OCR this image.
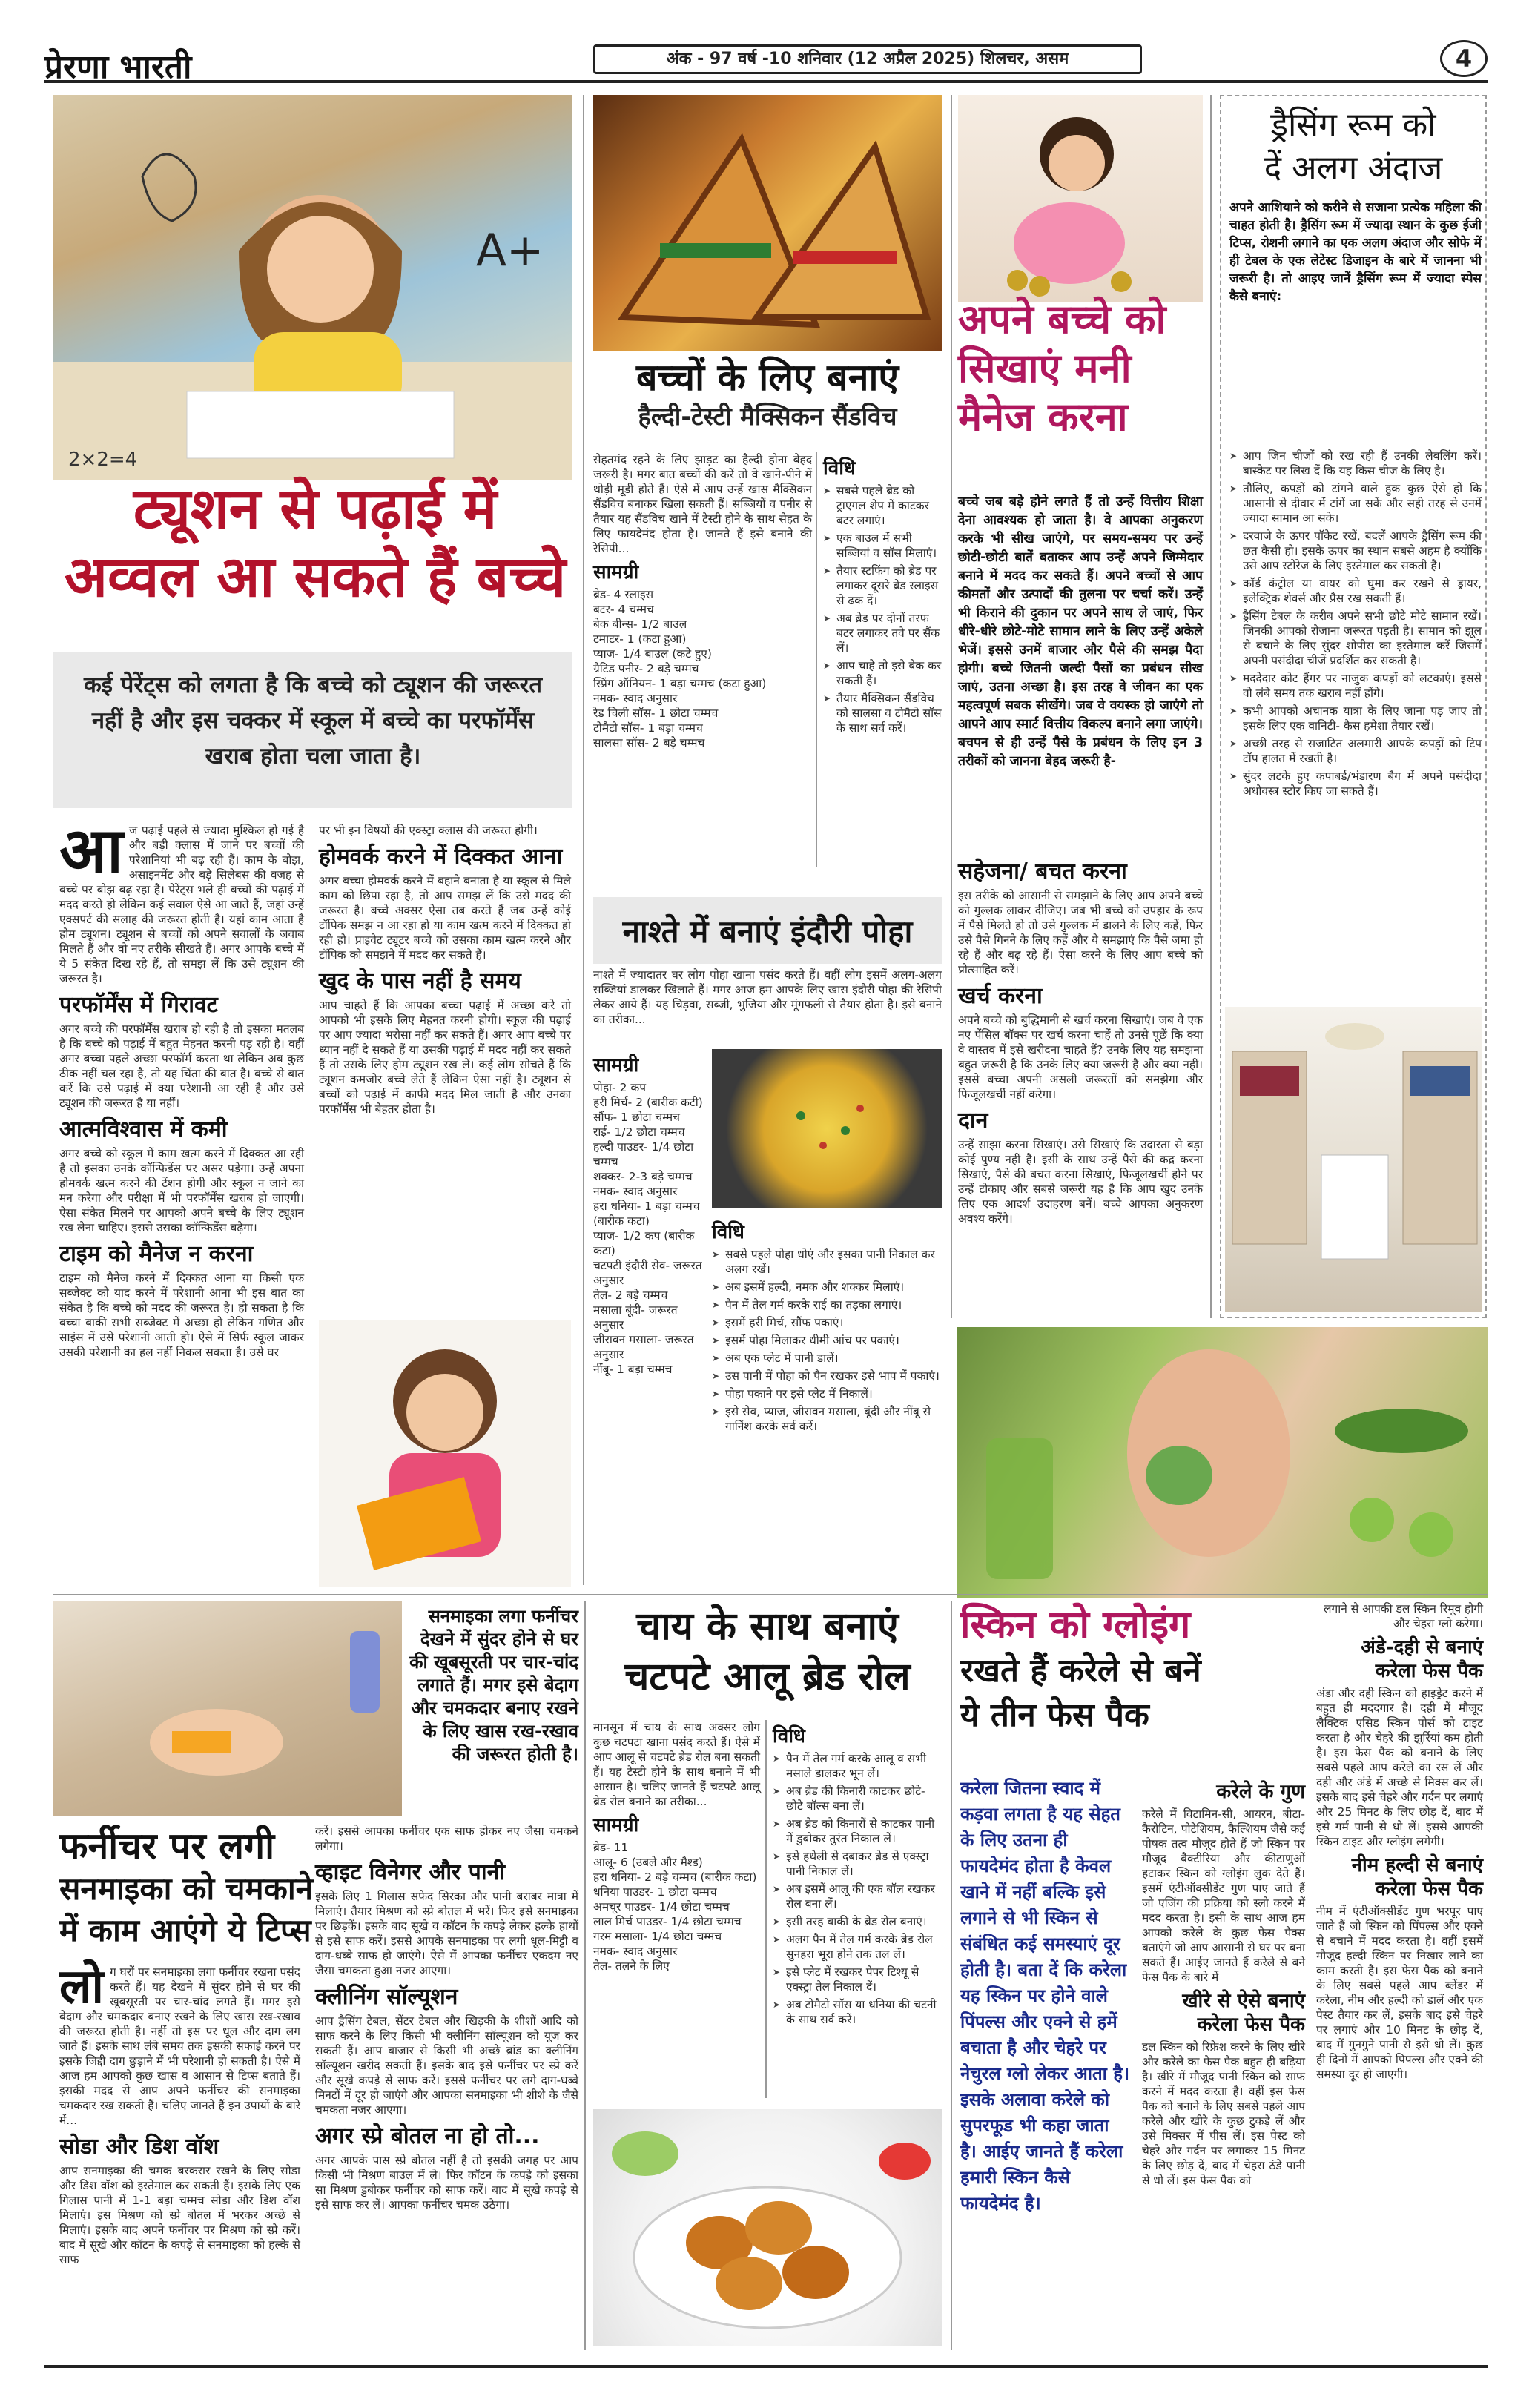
प्रेरणा भारती	अंक - 97 वर्ष -10 शनिवार (12 अप्रैल 2025) शिलचर, असम	4
A+
2×2=4
ट्यूशन से पढ़ाई में
अव्वल आ सकते हैं बच्चे
कई पेरेंट्स को लगता है कि बच्चे को ट्यूशन की जरूरत नहीं है और इस चक्कर में स्कूल में बच्चे का परफॉर्मेंस खराब होता चला जाता है।

आज पढ़ाई पहले से ज्यादा मुश्किल हो गई है और बड़ी क्लास में जाने पर बच्चों की परेशानियां भी बढ़ रही हैं। काम के बोझ, असाइनमेंट और बड़े सिलेबस की वजह से बच्चे पर बोझ बढ़ रहा है। पेरेंट्स भले ही बच्चों की पढ़ाई में मदद करते हो लेकिन कई सवाल ऐसे आ जाते हैं, जहां उन्हें एक्सपर्ट की सलाह की जरूरत होती है। यहां काम आता है होम ट्यूशन। ट्यूशन से बच्चों को अपने सवालों के जवाब मिलते हैं और वो नए तरीके सीखते हैं। अगर आपके बच्चे में ये 5 संकेत दिख रहे हैं, तो समझ लें कि उसे ट्यूशन की जरूरत है।

परफॉर्मेंस में गिरावट

अगर बच्चे की परफॉर्मेंस खराब हो रही है तो इसका मतलब है कि बच्चे को पढ़ाई में बहुत मेहनत करनी पड़ रही है। वहीं अगर बच्चा पहले अच्छा परफॉर्म करता था लेकिन अब कुछ ठीक नहीं चल रहा है, तो यह चिंता की बात है। बच्चे से बात करें कि उसे पढ़ाई में क्या परेशानी आ रही है और उसे ट्यूशन की जरूरत है या नहीं।

आत्मविश्वास में कमी

अगर बच्चे को स्कूल में काम खत्म करने में दिक्कत आ रही है तो इसका उनके कॉन्फिडेंस पर असर पड़ेगा। उन्हें अपना होमवर्क खत्म करने की टेंशन होगी और स्कूल न जाने का मन करेगा और परीक्षा में भी परफॉर्मेंस खराब हो जाएगी। ऐसा संकेत मिलने पर आपको अपने बच्चे के लिए ट्यूशन रख लेना चाहिए। इससे उसका कॉन्फिडेंस बढ़ेगा।

टाइम को मैनेज न करना

टाइम को मैनेज करने में दिक्कत आना या किसी एक सब्जेक्ट को याद करने में परेशानी आना भी इस बात का संकेत है कि बच्चे को मदद की जरूरत है। हो सकता है कि बच्चा बाकी सभी सब्जेक्ट में अच्छा हो लेकिन गणित और साइंस में उसे परेशानी आती हो। ऐसे में सिर्फ स्कूल जाकर उसकी परेशानी का हल नहीं निकल सकता है। उसे घर

पर भी इन विषयों की एक्स्ट्रा क्लास की जरूरत होगी।

होमवर्क करने में दिक्कत आना

अगर बच्चा होमवर्क करने में बहाने बनाता है या स्कूल से मिले काम को छिपा रहा है, तो आप समझ लें कि उसे मदद की जरूरत है। बच्चे अक्सर ऐसा तब करते हैं जब उन्हें कोई टॉपिक समझ न आ रहा हो या काम खत्म करने में दिक्कत हो रही हो। प्राइवेट ट्यूटर बच्चे को उसका काम खत्म करने और टॉपिक को समझने में मदद कर सकते हैं।

खुद के पास नहीं है समय

आप चाहते हैं कि आपका बच्चा पढ़ाई में अच्छा करे तो आपको भी इसके लिए मेहनत करनी होगी। स्कूल की पढ़ाई पर आप ज्यादा भरोसा नहीं कर सकते हैं। अगर आप बच्चे पर ध्यान नहीं दे सकते हैं या उसकी पढ़ाई में मदद नहीं कर सकते हैं तो उसके लिए होम ट्यूशन रख लें। कई लोग सोचते हैं कि ट्यूशन कमजोर बच्चे लेते हैं लेकिन ऐसा नहीं है। ट्यूशन से बच्चों को पढ़ाई में काफी मदद मिल जाती है और उनका परफॉर्मेंस भी बेहतर होता है।

बच्चों के लिए बनाएं
हैल्दी-टेस्टी मैक्सिकन सैंडविच

सेहतमंद रहने के लिए झाड़ट का हैल्दी होना बेहद जरूरी है। मगर बात बच्चों की करें तो वे खाने-पीने में थोड़ी मूडी होते हैं। ऐसे में आप उन्हें खास मैक्सिकन सैंडविच बनाकर खिला सकती हैं। सब्जियों व पनीर से तैयार यह सैंडविच खाने में टेस्टी होने के साथ सेहत के लिए फायदेमंद होता है। जानते हैं इसे बनाने की रेसिपी...

सामग्री

ब्रेड- 4 स्लाइस
बटर- 4 चम्मच
बेक बीन्स- 1/2 बाउल
टमाटर- 1 (कटा हुआ)
प्याज- 1/4 बाउल (कटे हुए)
ग्रैटिड पनीर- 2 बड़े चम्मच
स्प्रिंग ऑनियन- 1 बड़ा चम्मच (कटा हुआ)
नमक- स्वाद अनुसार
रेड चिली सॉस- 1 छोटा चम्मच
टोमैटो सॉस- 1 बड़ा चम्मच
सालसा सॉस- 2 बड़े चम्मच

विधि
➤ सबसे पहले ब्रेड को ट्राएगल शेप में काटकर बटर लगाएं।
➤ एक बाउल में सभी सब्जियां व सॉस मिलाएं।
➤ तैयार स्टफिंग को ब्रेड पर लगाकर दूसरे ब्रेड स्लाइस से ढक दें।
➤ अब ब्रेड पर दोनों तरफ बटर लगाकर तवे पर सैंक लें।
➤ आप चाहे तो इसे बेक कर सकती हैं।
➤ तैयार मैक्सिकन सैंडविच को सालसा व टोमैटो सॉस के साथ सर्व करें।
नाश्ते में बनाएं इंदौरी पोहा
नाश्ते में ज्यादातर घर लोग पोहा खाना पसंद करते हैं। वहीं लोग इसमें अलग-अलग सब्जियां डालकर खिलाते हैं। मगर आज हम आपके लिए खास इंदौरी पोहा की रेसिपी लेकर आये हैं। यह चिड़वा, सब्जी, भुजिया और मूंगफली से तैयार होता है। इसे बनाने का तरीका...
सामग्री

पोहा- 2 कप
हरी मिर्च- 2 (बारीक कटी)
सौंफ- 1 छोटा चम्मच
राई- 1/2 छोटा चम्मच
हल्दी पाउडर- 1/4 छोटा चम्मच
शक्कर- 2-3 बड़े चम्मच
नमक- स्वाद अनुसार
हरा धनिया- 1 बड़ा चम्मच (बारीक कटा)
प्याज- 1/2 कप (बारीक कटा)
चटपटी इंदौरी सेव- जरूरत अनुसार
तेल- 2 बड़े चम्मच
मसाला बूंदी- जरूरत अनुसार
जीरावन मसाला- जरूरत अनुसार
नींबू- 1 बड़ा चम्मच

विधि
➤ सबसे पहले पोहा धोएं और इसका पानी निकाल कर अलग रखें।
➤ अब इसमें हल्दी, नमक और शक्कर मिलाएं।
➤ पैन में तेल गर्म करके राई का तड़का लगाएं।
➤ इसमें हरी मिर्च, सौंफ पकाएं।
➤ इसमें पोहा मिलाकर धीमी आंच पर पकाएं।
➤ अब एक प्लेट में पानी डालें।
➤ उस पानी में पोहा को पैन रखकर इसे भाप में पकाएं।
➤ पोहा पकाने पर इसे प्लेट में निकालें।
➤ इसे सेव, प्याज, जीरावन मसाला, बूंदी और नींबू से गार्निश करके सर्व करें।
अपने बच्चे को
सिखाएं मनी
मैनेज करना
बच्चे जब बड़े होने लगते हैं तो उन्हें वित्तीय शिक्षा देना आवश्यक हो जाता है। वे आपका अनुकरण करके भी सीख जाएंगे, पर समय-समय पर उन्हें छोटी-छोटी बातें बताकर आप उन्हें अपने जिम्मेदार बनाने में मदद कर सकते हैं। अपने बच्चों से आप कीमतों और उत्पादों की तुलना पर चर्चा करें। उन्हें भी किराने की दुकान पर अपने साथ ले जाएं, फिर धीरे-धीरे छोटे-मोटे सामान लाने के लिए उन्हें अकेले भेजें। इससे उनमें बाजार और पैसे की समझ पैदा होगी। बच्चे जितनी जल्दी पैसों का प्रबंधन सीख जाएं, उतना अच्छा है। इस तरह वे जीवन का एक महत्वपूर्ण सबक सीखेंगे। जब वे वयस्क हो जाएंगे तो आपने आप स्मार्ट वित्तीय विकल्प बनाने लगा जाएंगे। बचपन से ही उन्हें पैसे के प्रबंधन के लिए इन 3 तरीकों को जानना बेहद जरूरी है-
सहेजना/ बचत करना

इस तरीके को आसानी से समझाने के लिए आप अपने बच्चे को गुल्लक लाकर दीजिए। जब भी बच्चे को उपहार के रूप में पैसे मिलते हो तो उसे गुल्लक में डालने के लिए कहें, फिर उसे पैसे गिनने के लिए कहें और ये समझाएं कि पैसे जमा हो रहे हैं और बढ़ रहे हैं। ऐसा करने के लिए आप बच्चे को प्रोत्साहित करें।

खर्च करना

अपने बच्चे को बुद्धिमानी से खर्च करना सिखाएं। जब वे एक नए पेंसिल बॉक्स पर खर्च करना चाहें तो उनसे पूछें कि क्या वे वास्तव में इसे खरीदना चाहते हैं? उनके लिए यह समझना बहुत जरूरी है कि उनके लिए क्या जरूरी है और क्या नहीं। इससे बच्चा अपनी असली जरूरतों को समझेगा और फिजूलखर्ची नहीं करेगा।

दान

उन्हें साझा करना सिखाएं। उसे सिखाएं कि उदारता से बड़ा कोई पुण्य नहीं है। इसी के साथ उन्हें पैसे की कद्र करना सिखाएं, पैसे की बचत करना सिखाएं, फिजूलखर्ची होने पर उन्हें टोकाए और सबसे जरूरी यह है कि आप खुद उनके लिए एक आदर्श उदाहरण बनें। बच्चे आपका अनुकरण अवश्य करेंगे।

ड्रैसिंग रूम को
दें अलग अंदाज
अपने आशियाने को करीने से सजाना प्रत्येक महिला की चाहत होती है। ड्रैसिंग रूम में ज्यादा स्थान के कुछ ईजी टिप्स, रोशनी लगाने का एक अलग अंदाज और सोफे में ही टेबल के एक लेटेस्ट डिजाइन के बारे में जानना भी जरूरी है। तो आइए जानें ड्रैसिंग रूम में ज्यादा स्पेस कैसे बनाएं:
➤ आप जिन चीजों को रख रही हैं उनकी लेबलिंग करें। बास्केट पर लिख दें कि यह किस चीज के लिए है।
➤ तौलिए, कपड़ों को टांगने वाले हुक कुछ ऐसे हों कि आसानी से दीवार में टांगें जा सकें और सही तरह से उनमें ज्यादा सामान आ सके।
➤ दरवाजे के ऊपर पॉकेट रखें, बदलें आपके ड्रैसिंग रूम की छत कैसी हो। इसके ऊपर का स्थान सबसे अहम है क्योंकि उसे आप स्टोरेज के लिए इस्तेमाल कर सकती है।
➤ कॉर्ड कंट्रोल या वायर को घुमा कर रखने से ड्रायर, इलेक्ट्रिक शेवर्स और प्रैस रख सकती हैं।
➤ ड्रैसिंग टेबल के करीब अपने सभी छोटे मोटे सामान रखें। जिनकी आपको रोजाना जरूरत पड़ती है। सामान को झूल से बचाने के लिए सुंदर शोपीस का इस्तेमाल करें जिसमें अपनी पसंदीदा चीजें प्रदर्शित कर सकती है।
➤ मददेदार कोट हैंगर पर नाजुक कपड़ों को लटकाएं। इससे वो लंबे समय तक खराब नहीं होंगे।
➤ कभी आपको अचानक यात्रा के लिए जाना पड़ जाए तो इसके लिए एक वानिटी- कैस हमेशा तैयार रखें।
➤ अच्छी तरह से सजाटित अलमारी आपके कपड़ों को टिप टॉप हालत में रखती है।
➤ सुंदर लटके हुए कपाबर्ड/भंडारण बैग में अपने पसंदीदा अधोवस्त्र स्टोर किए जा सकते हैं।
सनमाइका लगा फर्नीचर देखने में सुंदर होने से घर की खूबसूरती पर चार-चांद लगाते हैं। मगर इसे बेदाग और चमकदार बनाए रखने के लिए खास रख-रखाव की जरूरत होती है।
फर्नीचर पर लगी
सनमाइका को चमकाने
में काम आएंगे ये टिप्स

लोग घरों पर सनमाइका लगा फर्नीचर रखना पसंद करते हैं। यह देखने में सुंदर होने से घर की खूबसूरती पर चार-चांद लगते हैं। मगर इसे बेदाग और चमकदार बनाए रखने के लिए खास रख-रखाव की जरूरत होती है। नहीं तो इस पर धूल और दाग लग जाते हैं। इसके साथ लंबे समय तक इसकी सफाई करने पर इसके जिद्दी दाग छुड़ाने में भी परेशानी हो सकती है। ऐसे में आज हम आपको कुछ खास व आसान से टिप्स बताते हैं। इसकी मदद से आप अपने फर्नीचर की सनमाइका चमकदार रख सकती हैं। चलिए जानते हैं इन उपायों के बारे में...

सोडा और डिश वॉश

आप सनमाइका की चमक बरकरार रखने के लिए सोडा और डिश वॉश को इस्तेमाल कर सकती हैं। इसके लिए एक गिलास पानी में 1-1 बड़ा चम्मच सोडा और डिश वॉश मिलाएं। इस मिश्रण को स्प्रे बोतल में भरकर अच्छे से मिलाएं। इसके बाद अपने फर्नीचर पर मिश्रण को स्प्रे करें। बाद में सूखे और कॉटन के कपड़े से सनमाइका को हल्के से साफ

करें। इससे आपका फर्नीचर एक साफ होकर नए जैसा चमकने लगेगा।

व्हाइट विनेगर और पानी

इसके लिए 1 गिलास सफेद सिरका और पानी बराबर मात्रा में मिलाएं। तैयार मिश्रण को स्प्रे बोतल में भरें। फिर इसे सनमाइका पर छिड़कें। इसके बाद सूखे व कॉटन के कपड़े लेकर हल्के हाथों से इसे साफ करें। इससे आपके सनमाइका पर लगी धूल-मिट्टी व दाग-धब्बे साफ हो जाएंगे। ऐसे में आपका फर्नीचर एकदम नए जैसा चमकता हुआ नजर आएगा।

क्लीनिंग सॉल्यूशन

आप ड्रैसिंग टेबल, सेंटर टेबल और खिड़की के शीशों आदि को साफ करने के लिए किसी भी क्लीनिंग सॉल्यूशन को यूज कर सकती हैं। आप बाजार से किसी भी अच्छे ब्रांड का क्लीनिंग सॉल्यूशन खरीद सकती हैं। इसके बाद इसे फर्नीचर पर स्प्रे करें और सूखे कपड़े से साफ करें। इससे फर्नीचर पर लगे दाग-धब्बे मिनटों में दूर हो जाएंगे और आपका सनमाइका भी शीशे के जैसे चमकता नजर आएगा।

अगर स्प्रे बोतल ना हो तो...

अगर आपके पास स्प्रे बोतल नहीं है तो इसकी जगह पर आप किसी भी मिश्रण बाउल में ले। फिर कॉटन के कपड़े को इसका सा मिश्रण डुबोकर फर्नीचर को साफ करें। बाद में सूखे कपड़े से इसे साफ कर लें। आपका फर्नीचर चमक उठेगा।

चाय के साथ बनाएं
चटपटे आलू ब्रेड रोल

मानसून में चाय के साथ अक्सर लोग कुछ चटपटा खाना पसंद करते हैं। ऐसे में आप आलू से चटपटे ब्रेड रोल बना सकती हैं। यह टेस्टी होने के साथ बनाने में भी आसान है। चलिए जानते हैं चटपटे आलू ब्रेड रोल बनाने का तरीका...

सामग्री

ब्रेड- 11
आलू- 6 (उबले और मैश्ड)
हरा धनिया- 2 बड़े चम्मच (बारीक कटा)
धनिया पाउडर- 1 छोटा चम्मच
अमचूर पाउडर- 1/4 छोटा चम्मच
लाल मिर्च पाउडर- 1/4 छोटा चम्मच
गरम मसाला- 1/4 छोटा चम्मच
नमक- स्वाद अनुसार
तेल- तलने के लिए

विधि
➤ पैन में तेल गर्म करके आलू व सभी मसाले डालकर भून लें।
➤ अब ब्रेड की किनारी काटकर छोटे-छोटे बॉल्स बना लें।
➤ अब ब्रेड को किनारों से काटकर पानी में डुबोकर तुरंत निकाल लें।
➤ इसे हथेली से दबाकर ब्रेड से एक्स्ट्रा पानी निकाल लें।
➤ अब इसमें आलू की एक बॉल रखकर रोल बना लें।
➤ इसी तरह बाकी के ब्रेड रोल बनाएं।
➤ अलग पैन में तेल गर्म करके ब्रेड रोल सुनहरा भूरा होने तक तल लें।
➤ इसे प्लेट में रखकर पेपर टिश्यू से एक्स्ट्रा तेल निकाल दें।
➤ अब टोमैटो सॉस या धनिया की चटनी के साथ सर्व करें।
स्किन को ग्लोइंग
रखते हैं करेले से बनें
ये तीन फेस पैक
करेला जितना स्वाद में कड़वा लगता है यह सेहत के लिए उतना ही फायदेमंद होता है केवल खाने में नहीं बल्कि इसे लगाने से भी स्किन से संबंधित कई समस्याएं दूर होती है। बता दें कि करेला यह स्किन पर होने वाले पिंपल्स और एक्ने से हमें बचाता है और चेहरे पर नेचुरल ग्लो लेकर आता है। इसके अलावा करेले को सुपरफूड भी कहा जाता है। आईए जानते हैं करेला हमारी स्किन कैसे फायदेमंद है।
करेले के गुण

करेले में विटामिन-सी, आयरन, बीटा-कैरोटिन, पोटेशियम, कैल्शियम जैसे कई पोषक तत्व मौजूद होते हैं जो स्किन पर मौजूद बैक्टीरिया और कीटाणुओं हटाकर स्किन को ग्लोइंग लुक देते हैं। इसमें एंटीऑक्सीडेंट गुण पाए जाते हैं जो एजिंग की प्रक्रिया को स्लो करने में मदद करता है। इसी के साथ आज हम आपको करेले के कुछ फेस पैक्स बताएंगे जो आप आसानी से घर पर बना सकते हैं। आईए जानते हैं करेले से बने फेस पैक के बारे में

खीरे से ऐसे बनाएं करेला फेस पैक

डल स्किन को रिफ्रेश करने के लिए खीरे और करेले का फेस पैक बहुत ही बढ़िया है। खीरे में मौजूद पानी स्किन को साफ करने में मदद करता है। वहीं इस फेस पैक को बनाने के लिए सबसे पहले आप करेले और खीरे के कुछ टुकड़े लें और उसे मिक्सर में पीस लें। इस पेस्ट को चेहरे और गर्दन पर लगाकर 15 मिनट के लिए छोड़ दें, बाद में चेहरा ठंडे पानी से धो लें। इस फेस पैक को

लगाने से आपकी डल स्किन रिमूव होगी और चेहरा ग्लो करेगा।

अंडे-दही से बनाएं करेला फेस पैक

अंडा और दही स्किन को हाइड्रेट करने में बहुत ही मददगार है। दही में मौजूद लैक्टिक एसिड स्किन पोर्स को टाइट करता है और चेहरे की झुर्रियां कम होती है। इस फेस पैक को बनाने के लिए सबसे पहले आप करेले का रस लें और दही और अंडे में अच्छे से मिक्स कर लें। इसके बाद इसे चेहरे और गर्दन पर लगाएं और 25 मिनट के लिए छोड़ दें, बाद में इसे गर्म पानी से धो लें। इससे आपकी स्किन टाइट और ग्लोइंग लगेगी।

नीम हल्दी से बनाएं करेला फेस पैक

नीम में एंटीऑक्सीडेंट गुण भरपूर पाए जाते हैं जो स्किन को पिंपल्स और एक्ने से बचाने में मदद करता है। वहीं इसमें मौजूद हल्दी स्किन पर निखार लाने का काम करती है। इस फेस पैक को बनाने के लिए सबसे पहले आप ब्लेंडर में करेला, नीम और हल्दी को डालें और एक पेस्ट तैयार कर लें, इसके बाद इसे चेहरे पर लगाएं और 10 मिनट के छोड़ दें, बाद में गुनगुने पानी से इसे धो लें। कुछ ही दिनों में आपको पिंपल्स और एक्ने की समस्या दूर हो जाएगी।
